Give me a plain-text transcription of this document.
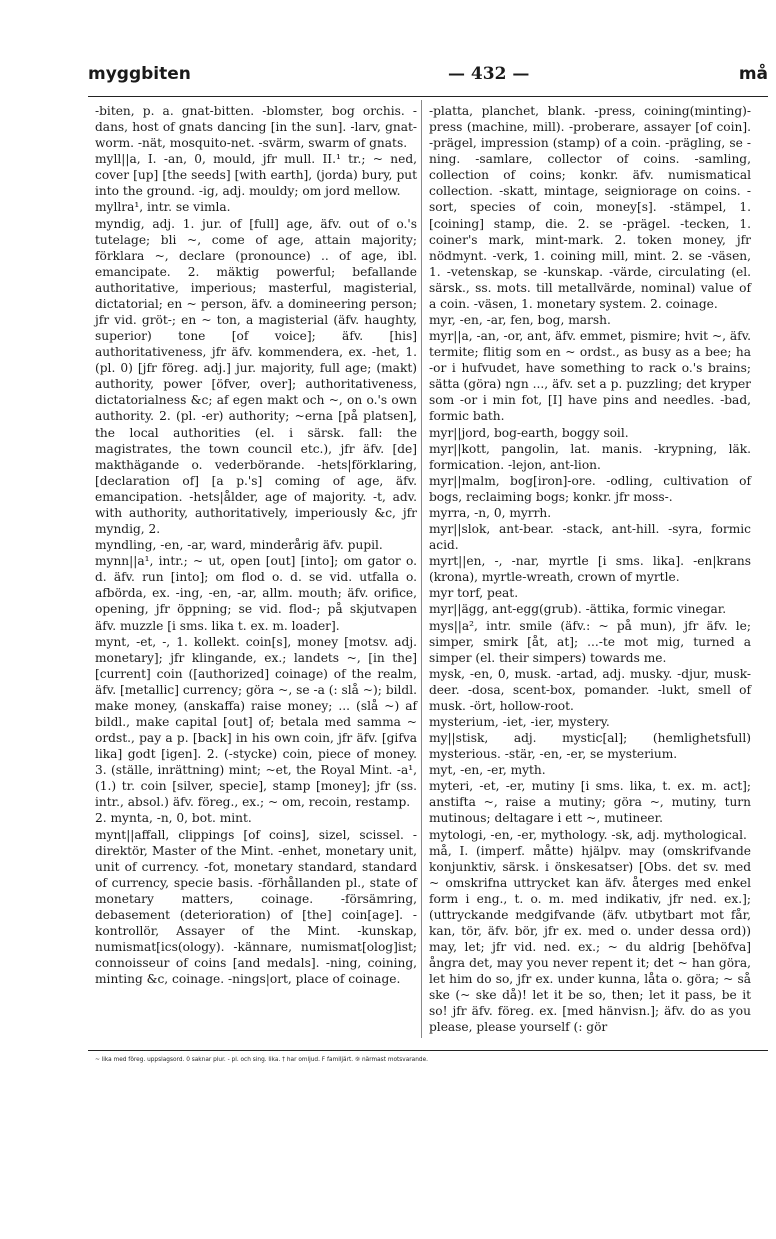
myggbiten	— 432 —	må

-biten, p. a. gnat-bitten. -blomster, bog orchis. -dans, host of gnats dancing [in the sun]. -larv, gnat-worm. -nät, mosquito-net. -svärm, swarm of gnats.

myll||a, I. -an, 0, mould, jfr mull. II.¹ tr.; ~ ned, cover [up] [the seeds] [with earth], (jorda) bury, put into the ground. -ig, adj. mouldy; om jord mellow.

myllra¹, intr. se vimla.

myndig, adj. 1. jur. of [full] age, äfv. out of o.'s tutelage; bli ~, come of age, attain majority; förklara ~, declare (pronounce) .. of age, ibl. emancipate. 2. mäktig powerful; befallande authoritative, imperious; masterful, magisterial, dictatorial; en ~ person, äfv. a domineering person; jfr vid. gröt-; en ~ ton, a magisterial (äfv. haughty, superior) tone [of voice]; äfv. [his] authoritativeness, jfr äfv. kommendera, ex. -het, 1. (pl. 0) [jfr föreg. adj.] jur. majority, full age; (makt) authority, power [öfver, over]; authoritativeness, dictatorialness &c; af egen makt och ~, on o.'s own authority. 2. (pl. -er) authority; ~erna [på platsen], the local authorities (el. i särsk. fall: the magistrates, the town council etc.), jfr äfv. [de] makthägande o. vederbörande. -hets|förklaring, [declaration of] [a p.'s] coming of age, äfv. emancipation. -hets|ålder, age of majority. -t, adv. with authority, authoritatively, imperiously &c, jfr myndig, 2.

myndling, -en, -ar, ward, minderårig äfv. pupil.

mynn||a¹, intr.; ~ ut, open [out] [into]; om gator o. d. äfv. run [into]; om flod o. d. se vid. utfalla o. afbörda, ex. -ing, -en, -ar, allm. mouth; äfv. orifice, opening, jfr öppning; se vid. flod-; på skjutvapen äfv. muzzle [i sms. lika t. ex. m. loader].

mynt, -et, -, 1. kollekt. coin[s], money [motsv. adj. monetary]; jfr klingande, ex.; landets ~, [in the] [current] coin ([authorized] coinage) of the realm, äfv. [metallic] currency; göra ~, se -a (: slå ~); bildl. make money, (anskaffa) raise money; ... (slå ~) af bildl., make capital [out] of; betala med samma ~ ordst., pay a p. [back] in his own coin, jfr äfv. [gifva lika] godt [igen]. 2. (-stycke) coin, piece of money. 3. (ställe, inrättning) mint; ~et, the Royal Mint. -a¹,(1.) tr. coin [silver, specie], stamp [money]; jfr (ss. intr., absol.) äfv. föreg., ex.; ~ om, recoin, restamp.

2. mynta, -n, 0, bot. mint.

mynt||affall, clippings [of coins], sizel, scissel. -direktör, Master of the Mint. -enhet, monetary unit, unit of currency. -fot, monetary standard, standard of currency, specie basis. -förhållanden pl., state of monetary matters, coinage. -försämring, debasement (deterioration) of [the] coin[age]. -kontrollör, Assayer of the Mint. -kunskap, numismat[ics(ology). -kännare, numismat[olog]ist; connoisseur of coins [and medals]. -ning, coining, minting &c, coinage. -nings|ort, place of coinage.

-platta, planchet, blank. -press, coining(minting)-press (machine, mill). -proberare, assayer [of coin]. -prägel, impression (stamp) of a coin. -prägling, se -ning. -samlare, collector of coins. -samling, collection of coins; konkr. äfv. numismatical collection. -skatt, mintage, seigniorage on coins. -sort, species of coin, money[s]. -stämpel, 1. [coining] stamp, die. 2. se -prägel. -tecken, 1. coiner's mark, mint-mark. 2. token money, jfr nödmynt. -verk, 1. coining mill, mint. 2. se -väsen, 1. -vetenskap, se -kunskap. -värde, circulating (el. särsk., ss. mots. till metallvärde, nominal) value of a coin. -väsen, 1. monetary system. 2. coinage.

myr, -en, -ar, fen, bog, marsh.

myr||a, -an, -or, ant, äfv. emmet, pismire; hvit ~, äfv. termite; flitig som en ~ ordst., as busy as a bee; ha -or i hufvudet, have something to rack o.'s brains; sätta (göra) ngn ..., äfv. set a p. puzzling; det kryper som -or i min fot, [I] have pins and needles. -bad, formic bath.

myr||jord, bog-earth, boggy soil.

myr||kott, pangolin, lat. manis. -krypning, läk. formication. -lejon, ant-lion.

myr||malm, bog[iron]-ore. -odling, cultivation of bogs, reclaiming bogs; konkr. jfr moss-.

myrra, -n, 0, myrrh.

myr||slok, ant-bear. -stack, ant-hill. -syra, formic acid.

myrt||en, -, -nar, myrtle [i sms. lika]. -en|krans (krona), myrtle-wreath, crown of myrtle.

myr torf, peat.

myr||ägg, ant-egg(grub). -ättika, formic vinegar.

mys||a², intr. smile (äfv.: ~ på mun), jfr äfv. le; simper, smirk [åt, at]; ...-te mot mig, turned a simper (el. their simpers) towards me.

mysk, -en, 0, musk. -artad, adj. musky. -djur, musk-deer. -dosa, scent-box, pomander. -lukt, smell of musk. -ört, hollow-root.

mysterium, -iet, -ier, mystery.

my||stisk, adj. mystic[al]; (hemlighetsfull) mysterious. -stär, -en, -er, se mysterium.

myt, -en, -er, myth.

myteri, -et, -er, mutiny [i sms. lika, t. ex. m. act]; anstifta ~, raise a mutiny; göra ~, mutiny, turn mutinous; deltagare i ett ~, mutineer.

mytologi, -en, -er, mythology. -sk, adj. mythological.

må, I. (imperf. måtte) hjälpv. may (omskrifvande konjunktiv, särsk. i önskesatser) [Obs. det sv. med ~ omskrifna uttrycket kan äfv. återges med enkel form i eng., t. o. m. med indikativ, jfr ned. ex.]; (uttryckande medgifvande (äfv. utbytbart mot får, kan, tör, äfv. bör, jfr ex. med o. under dessa ord)) may, let; jfr vid. ned. ex.; ~ du aldrig [behöfva] ångra det, may you never repent it; det ~ han göra, let him do so, jfr ex. under kunna, låta o. göra; ~ så ske (~ ske då)! let it be so, then; let it pass, be it so! jfr äfv. föreg. ex. [med hänvisn.]; äfv. do as you please, please yourself (: gör

~ lika med föreg. uppslagsord. 0 saknar plur. - pl. och sing. lika. † har omljud. F familjärt. ⑨ närmast motsvarande.
